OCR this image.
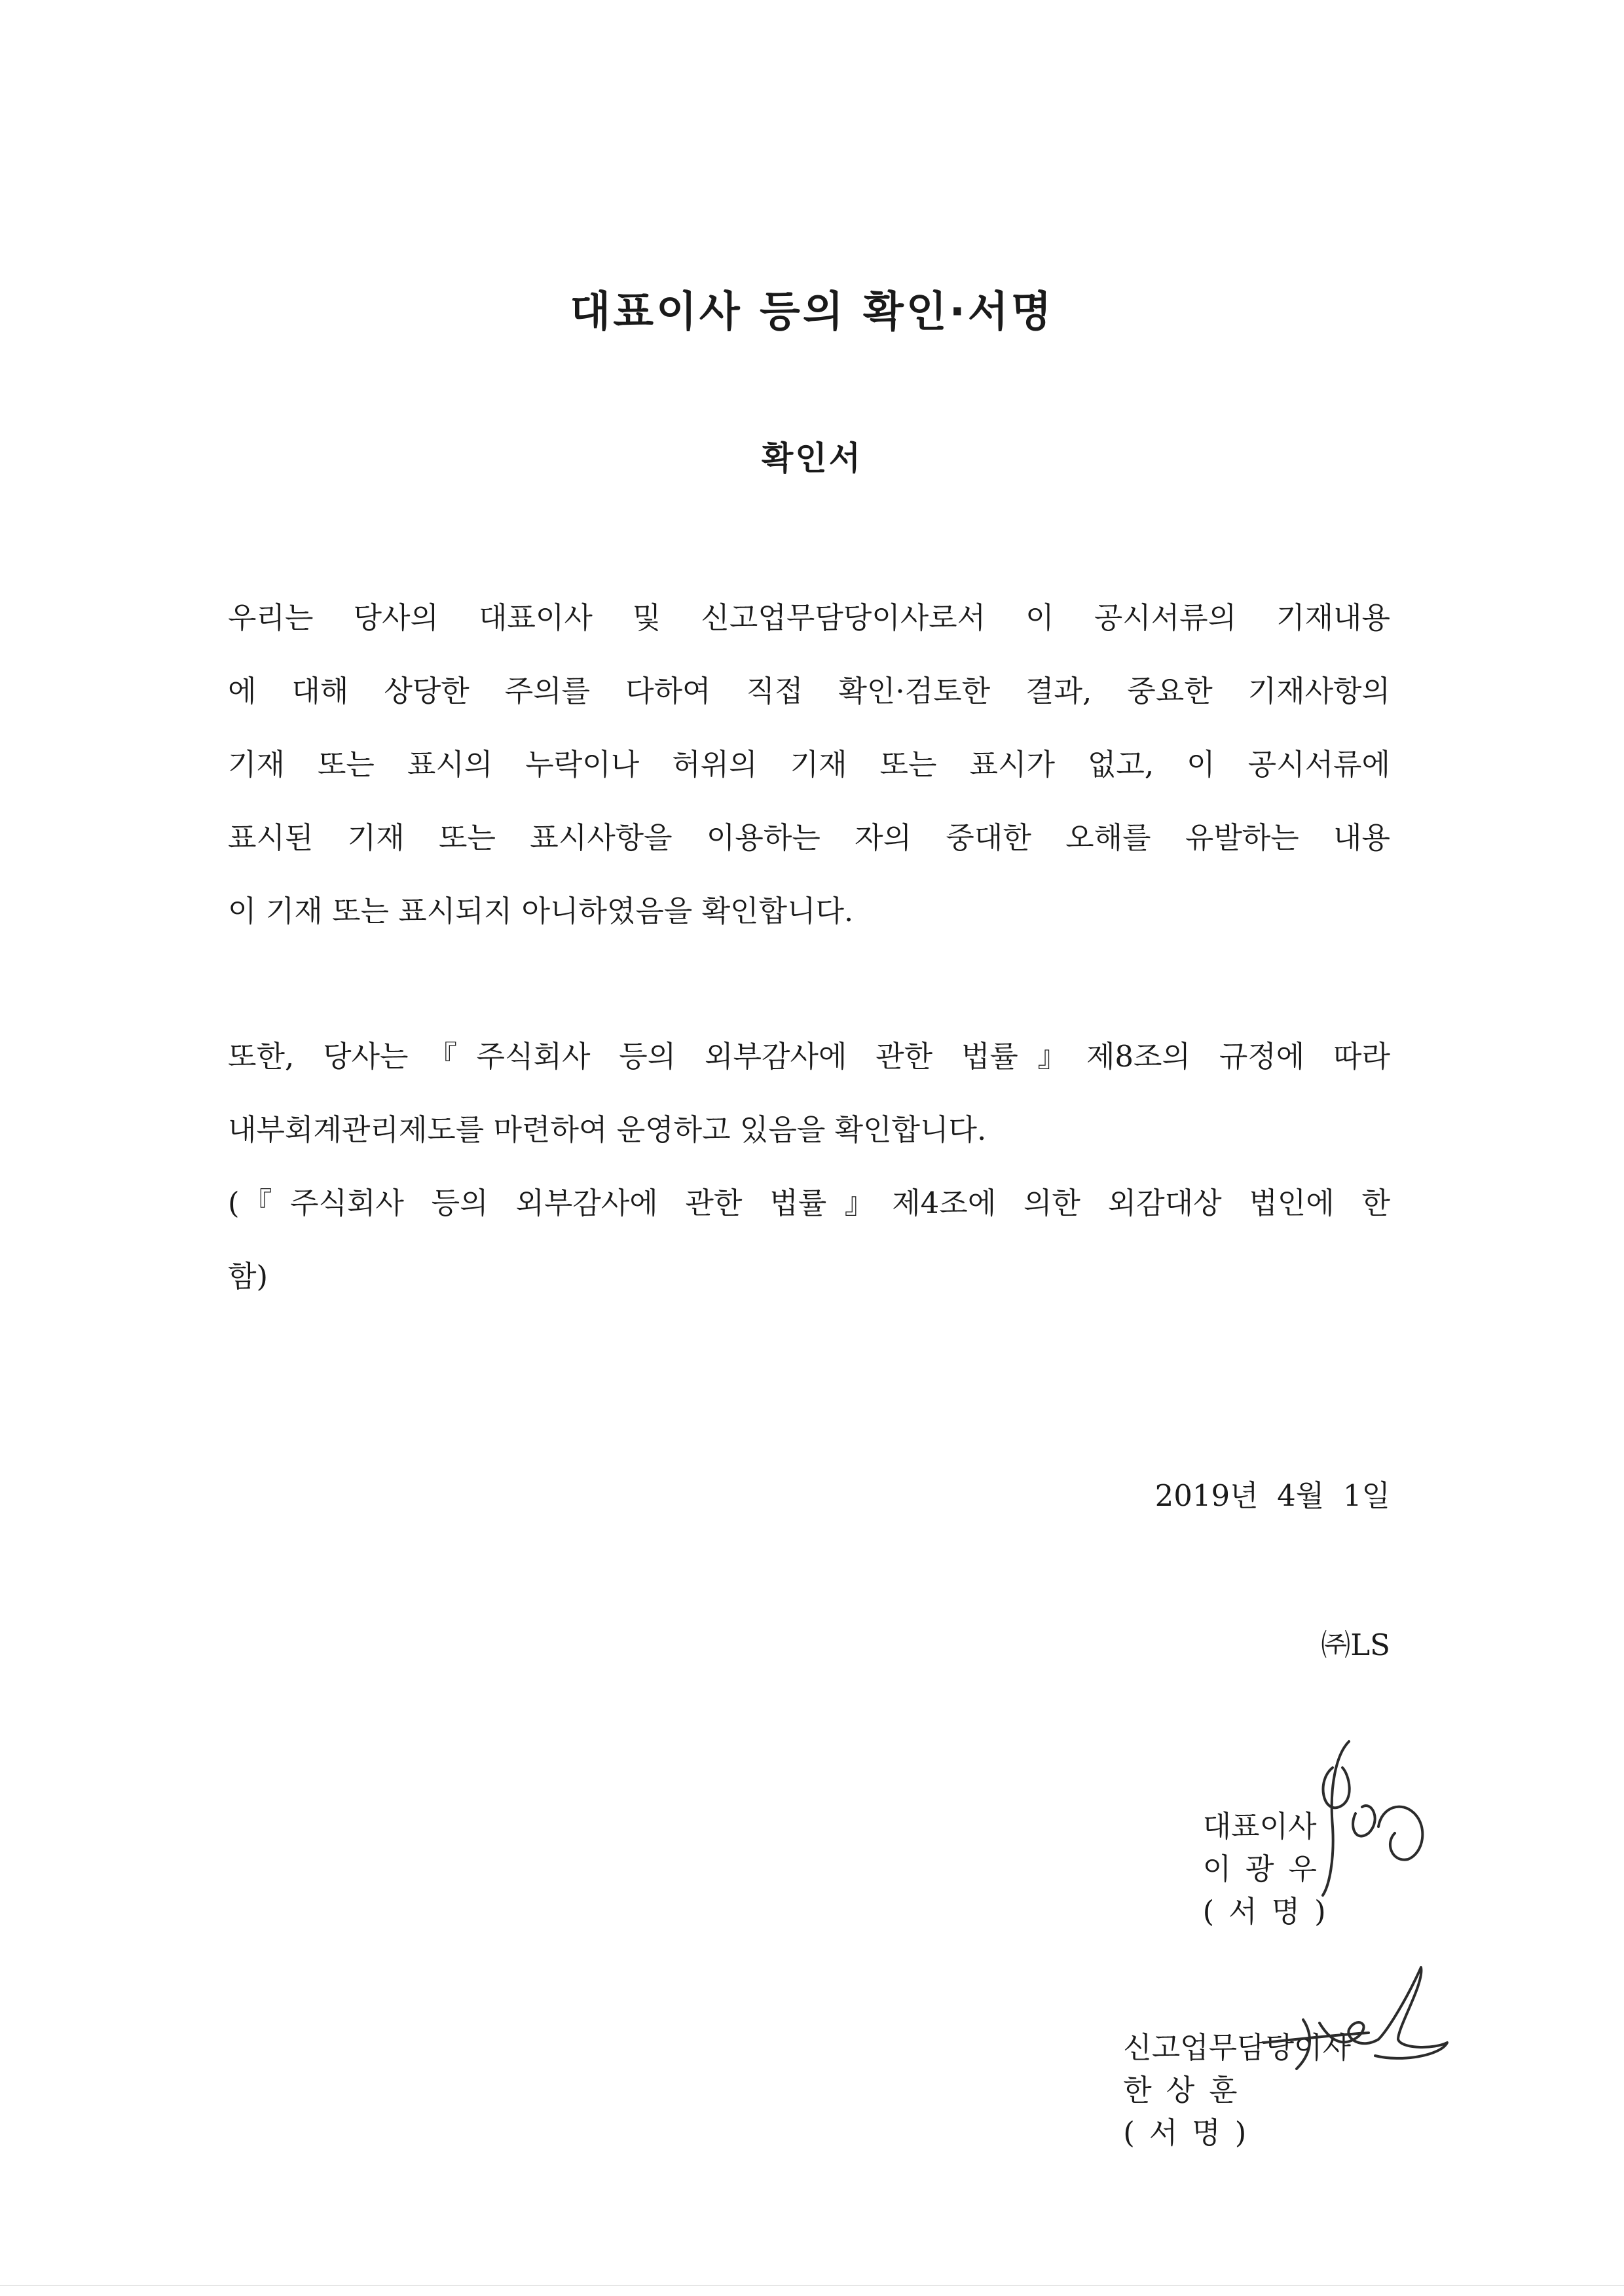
대표이사 등의 확인·서명
확인서
우리는 당사의 대표이사 및 신고업무담당이사로서 이 공시서류의 기재내용
에 대해 상당한 주의를 다하여 직접 확인·검토한 결과, 중요한 기재사항의
기재 또는 표시의 누락이나 허위의 기재 또는 표시가 없고, 이 공시서류에
표시된 기재 또는 표시사항을 이용하는 자의 중대한 오해를 유발하는 내용
이 기재 또는 표시되지 아니하였음을 확인합니다.
또한, 당사는『주식회사 등의 외부감사에 관한 법률』제8조의 규정에 따라
내부회계관리제도를 마련하여 운영하고 있음을 확인합니다.
(『주식회사 등의 외부감사에 관한 법률』제4조에 의한 외감대상 법인에 한
함)
2019년  4월  1일
㈜LS

대표이사
이광우
(서명)

신고업무담당이사
한상훈
(서명)
